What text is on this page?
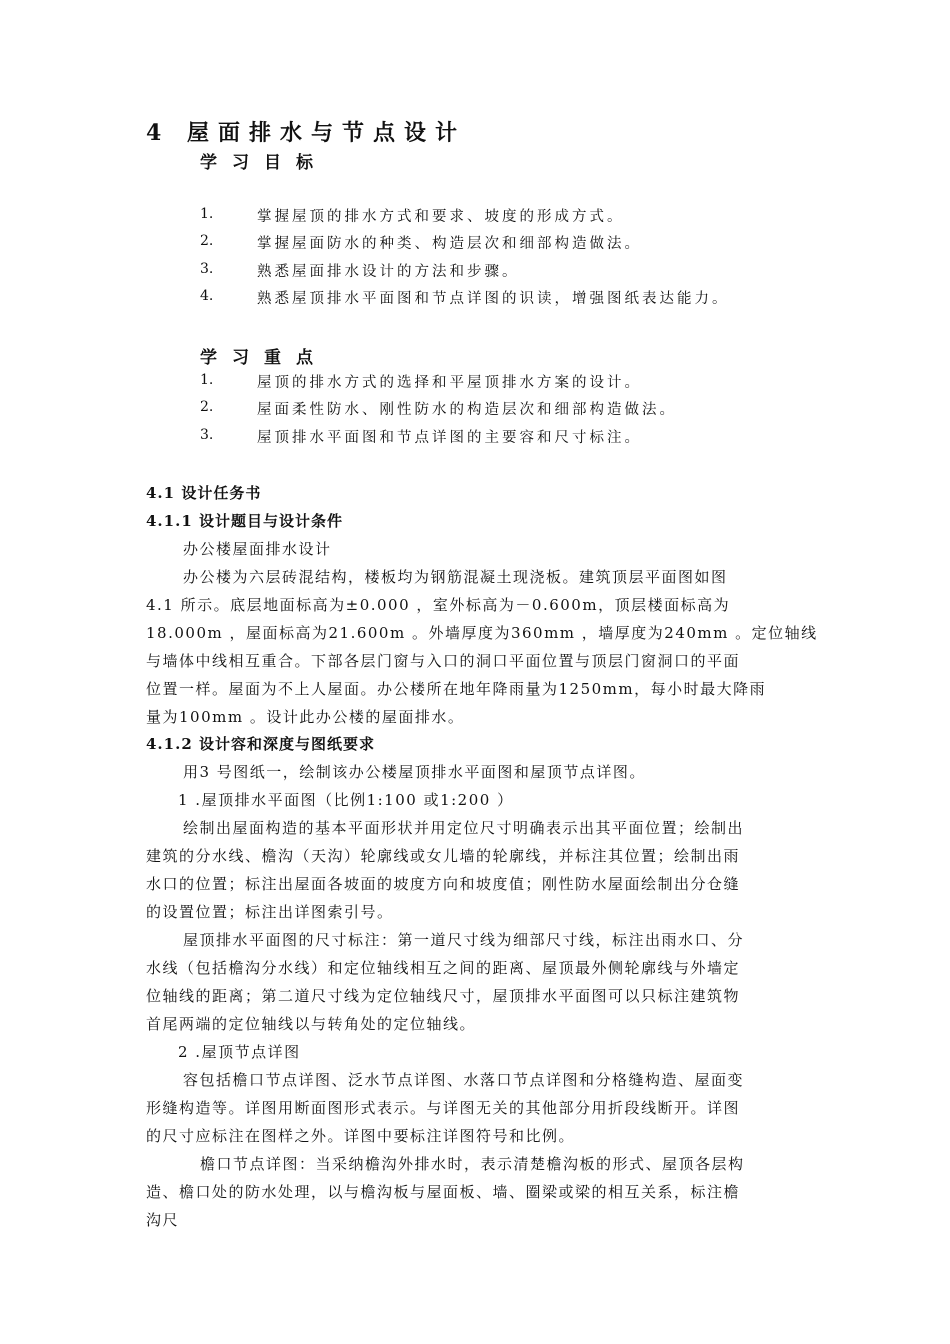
4 屋面排水与节点设计
学习目标
1.	掌握屋顶的排水方式和要求、坡度的形成方式。
2.	掌握屋面防水的种类、构造层次和细部构造做法。
3.	熟悉屋面排水设计的方法和步骤。
4.	熟悉屋顶排水平面图和节点详图的识读，增强图纸表达能力。
学习重点
1.	屋顶的排水方式的选择和平屋顶排水方案的设计。
2.	屋面柔性防水、刚性防水的构造层次和细部构造做法。
3.	屋顶排水平面图和节点详图的主要容和尺寸标注。
4.1 设计任务书
4.1.1 设计题目与设计条件
办公楼屋面排水设计
办公楼为六层砖混结构，楼板均为钢筋混凝土现浇板。建筑顶层平面图如图
4.1 所示。底层地面标高为±0.000 ，室外标高为－0.600m，顶层楼面标高为
18.000m ，屋面标高为21.600m 。外墙厚度为360mm ，墙厚度为240mm 。定位轴线
与墙体中线相互重合。下部各层门窗与入口的洞口平面位置与顶层门窗洞口的平面
位置一样。屋面为不上人屋面。办公楼所在地年降雨量为1250mm，每小时最大降雨
量为100mm 。设计此办公楼的屋面排水。
4.1.2 设计容和深度与图纸要求
用3 号图纸一，绘制该办公楼屋顶排水平面图和屋顶节点详图。
1 .屋顶排水平面图（比例1:100 或1:200 ）
绘制出屋面构造的基本平面形状并用定位尺寸明确表示出其平面位置；绘制出
建筑的分水线、檐沟（天沟）轮廓线或女儿墙的轮廓线，并标注其位置；绘制出雨
水口的位置；标注出屋面各坡面的坡度方向和坡度值；刚性防水屋面绘制出分仓缝
的设置位置；标注出详图索引号。
屋顶排水平面图的尺寸标注：第一道尺寸线为细部尺寸线，标注出雨水口、分
水线（包括檐沟分水线）和定位轴线相互之间的距离、屋顶最外侧轮廓线与外墙定
位轴线的距离；第二道尺寸线为定位轴线尺寸，屋顶排水平面图可以只标注建筑物
首尾两端的定位轴线以与转角处的定位轴线。
2 .屋顶节点详图
容包括檐口节点详图、泛水节点详图、水落口节点详图和分格缝构造、屋面变
形缝构造等。详图用断面图形式表示。与详图无关的其他部分用折段线断开。详图
的尺寸应标注在图样之外。详图中要标注详图符号和比例。
檐口节点详图：当采纳檐沟外排水时，表示清楚檐沟板的形式、屋顶各层构
造、檐口处的防水处理，以与檐沟板与屋面板、墙、圈梁或梁的相互关系，标注檐
沟尺
